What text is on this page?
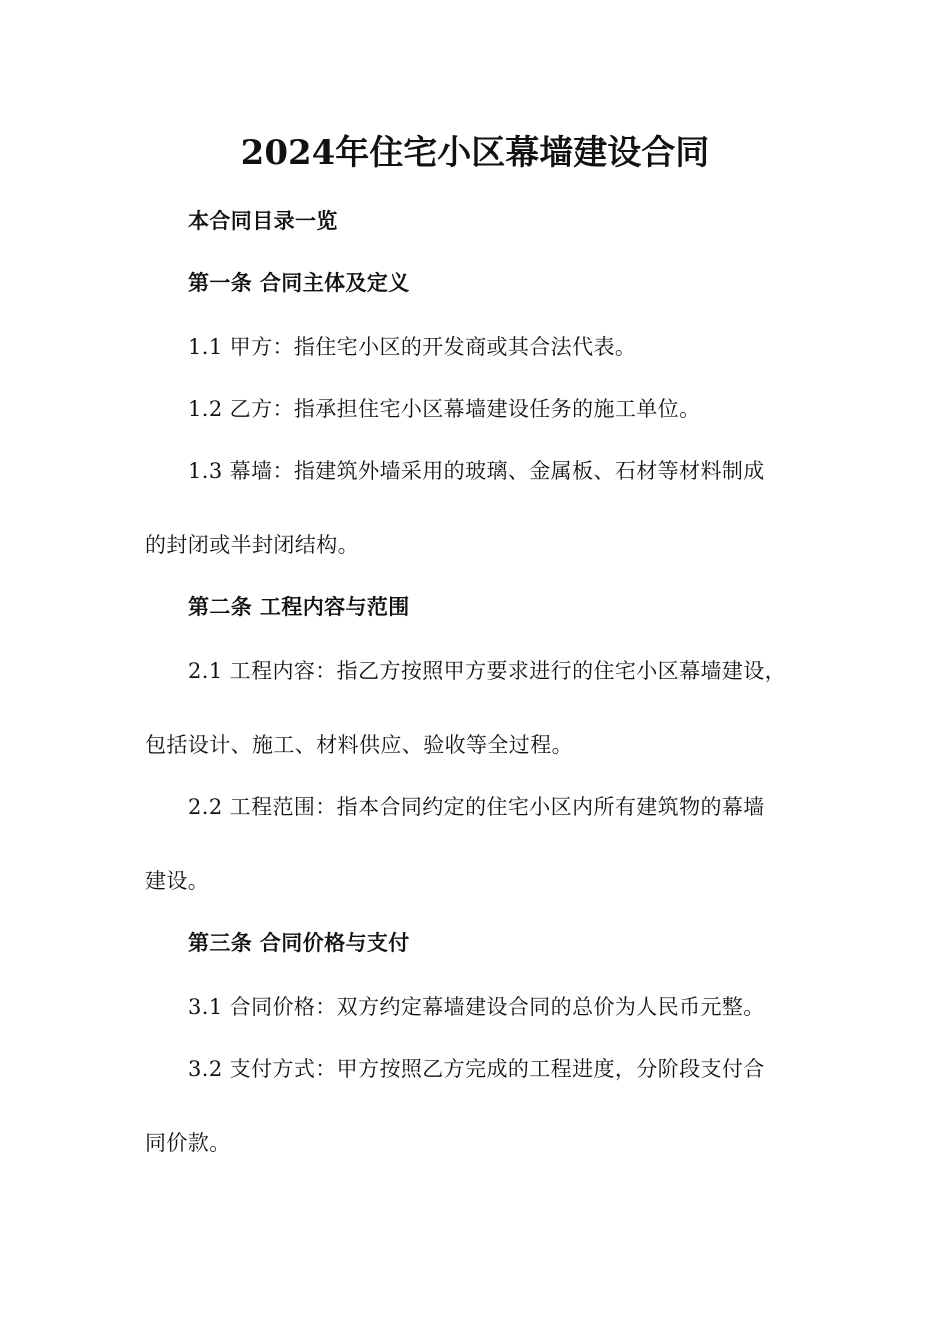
2024年住宅小区幕墙建设合同
本合同目录一览
第一条 合同主体及定义
1.1 甲方：指住宅小区的开发商或其合法代表。
1.2 乙方：指承担住宅小区幕墙建设任务的施工单位。
1.3 幕墙：指建筑外墙采用的玻璃、金属板、石材等材料制成
的封闭或半封闭结构。
第二条 工程内容与范围
2.1 工程内容：指乙方按照甲方要求进行的住宅小区幕墙建设，
包括设计、施工、材料供应、验收等全过程。
2.2 工程范围：指本合同约定的住宅小区内所有建筑物的幕墙
建设。
第三条 合同价格与支付
3.1 合同价格：双方约定幕墙建设合同的总价为人民币元整。
3.2 支付方式：甲方按照乙方完成的工程进度，分阶段支付合
同价款。
